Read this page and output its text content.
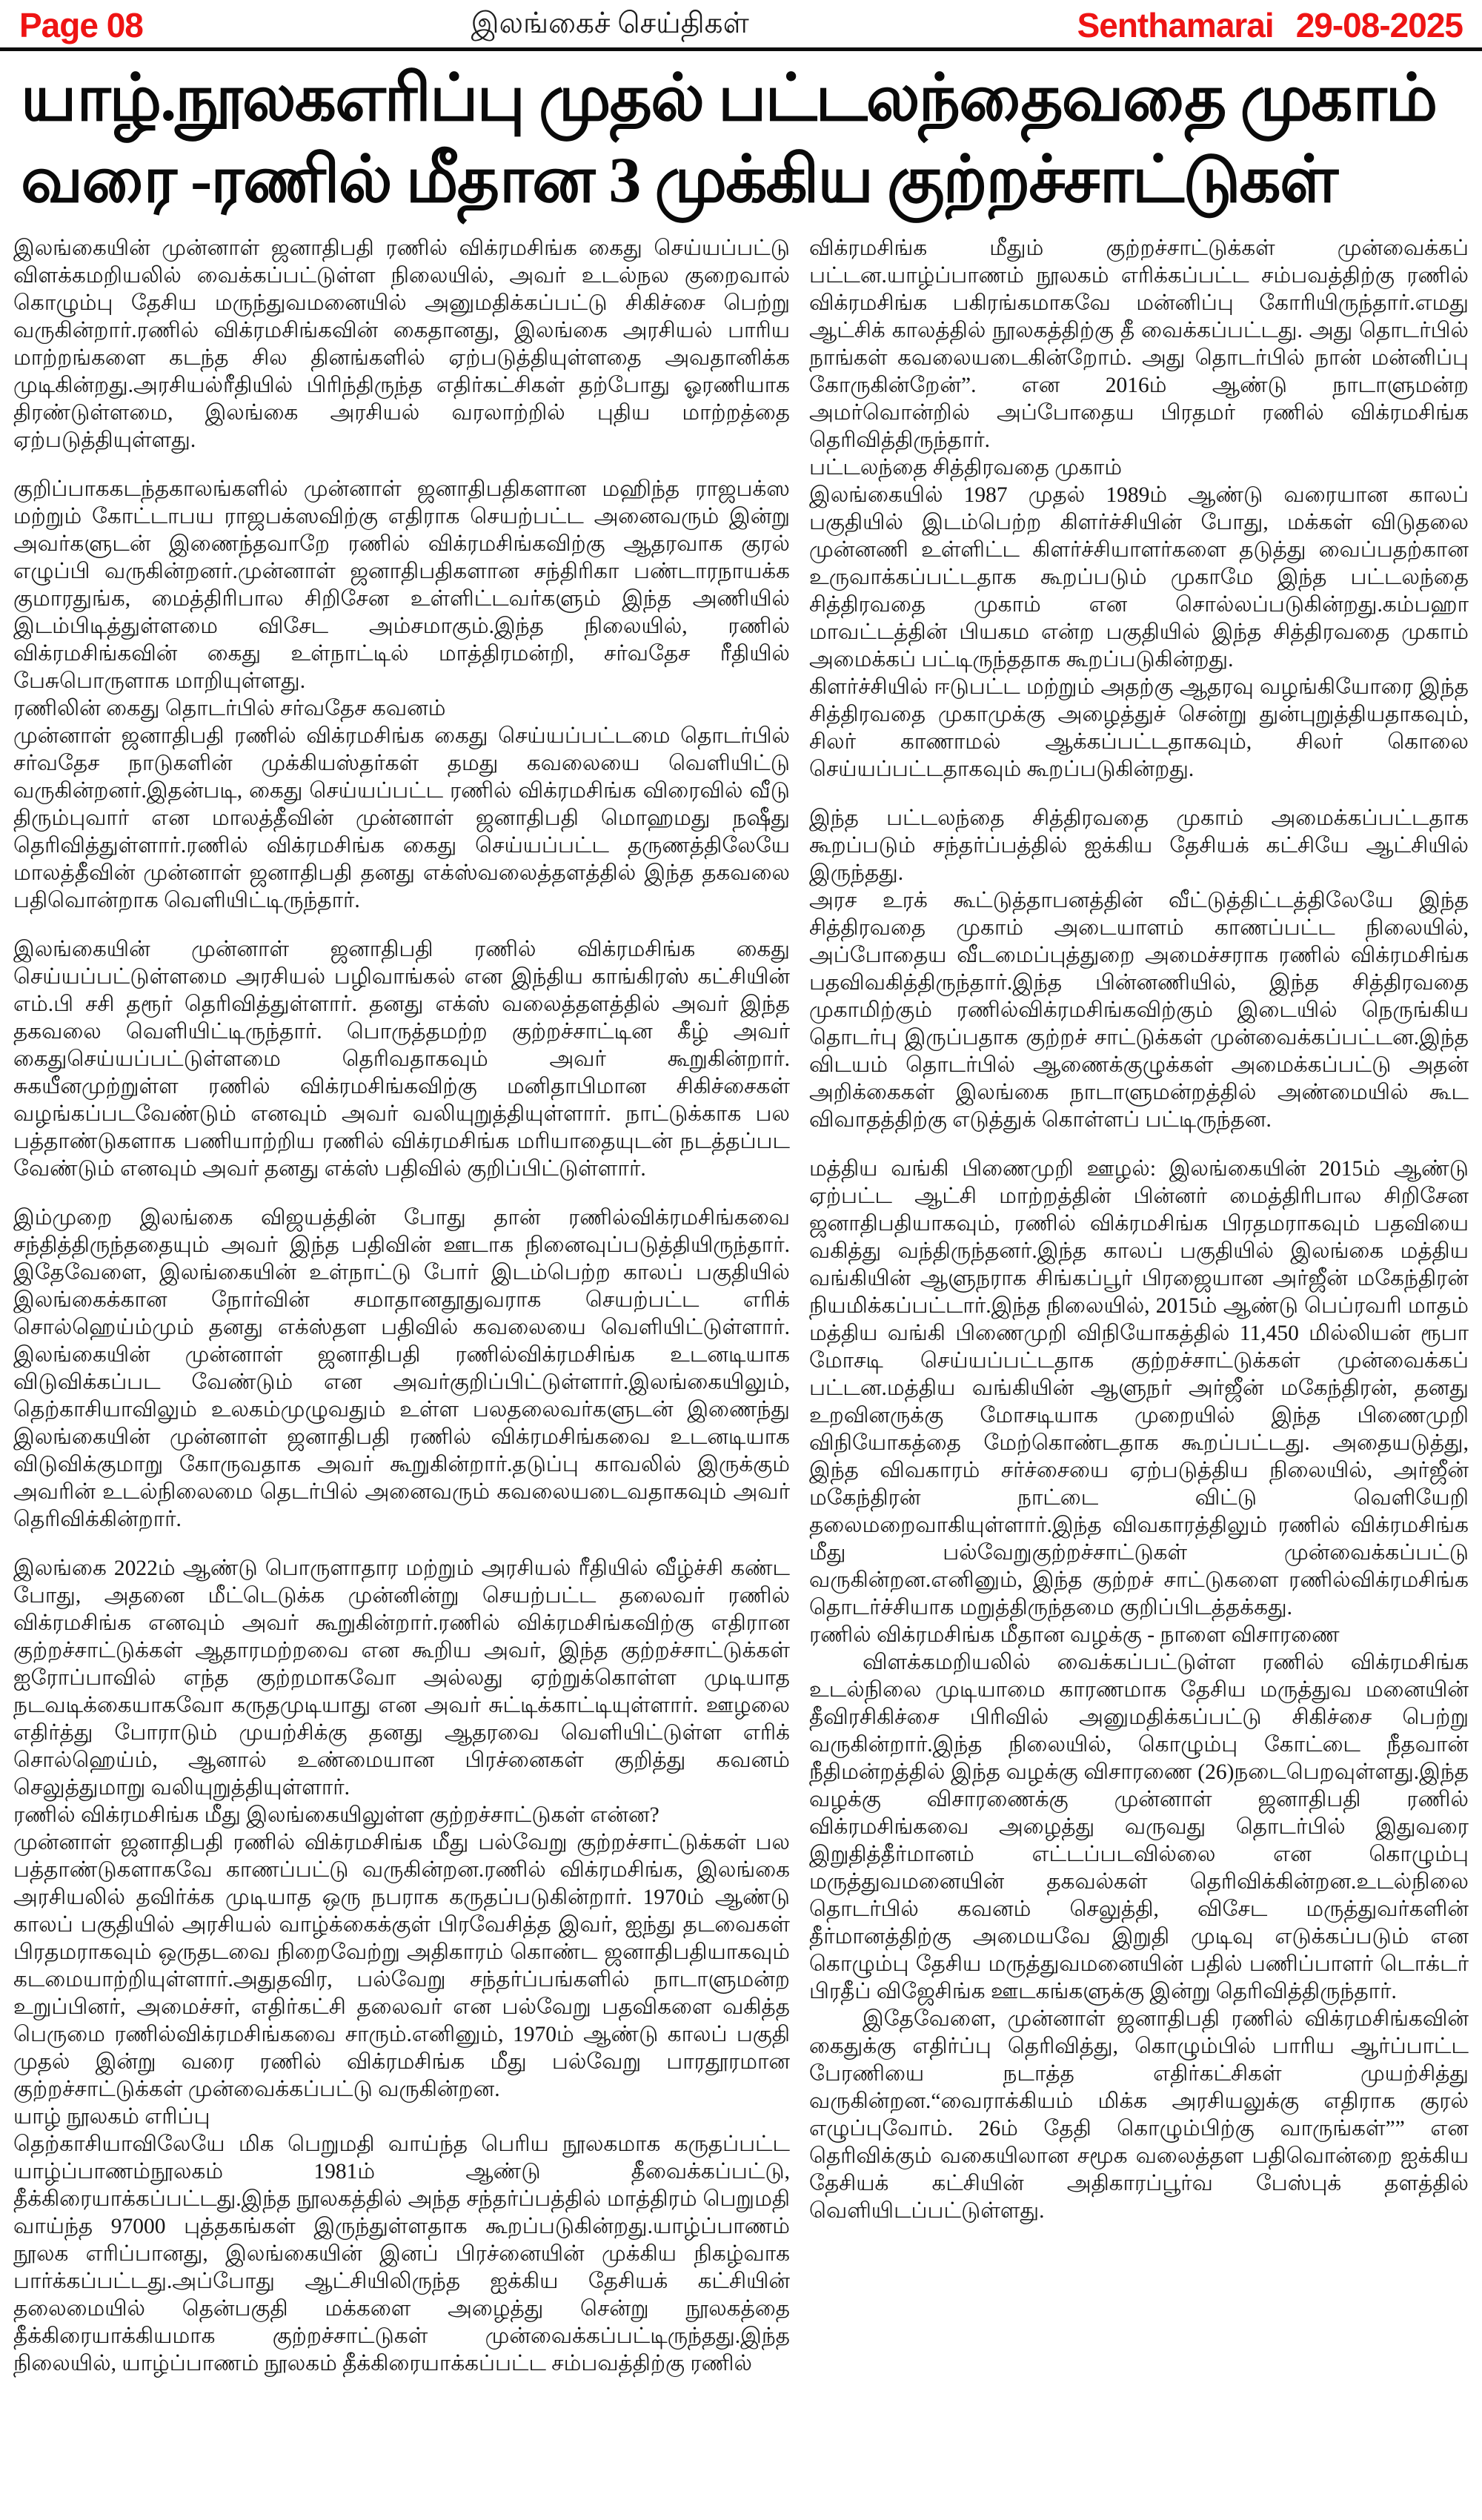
Page 08	இலங்கைச் செய்திகள்	Senthamarai 29-08-2025
யாழ்.நூலகஎரிப்பு முதல் பட்டலந்தைவதை முகாம்
வரை -ரணில் மீதான 3 முக்கிய குற்றச்சாட்டுகள்

இலங்கையின் முன்னாள் ஜனாதிபதி ரணில் விக்ரமசிங்க கைது செய்யப்பட்டு விளக்கமறியலில் வைக்கப்பட்டுள்ள நிலையில், அவர் உடல்நல குறைவால் கொழும்பு தேசிய மருந்துவமனையில் அனுமதிக்கப்பட்டு சிகிச்சை பெற்று வருகின்றார்.ரணில் விக்ரமசிங்கவின் கைதானது, இலங்கை அரசியல் பாரிய மாற்றங்களை கடந்த சில தினங்களில் ஏற்படுத்தியுள்ளதை அவதானிக்க முடிகின்றது.அரசியல்ரீதியில் பிரிந்திருந்த எதிர்கட்சிகள் தற்போது ஓரணியாக திரண்டுள்ளமை, இலங்கை அரசியல் வரலாற்றில் புதிய மாற்றத்தை ஏற்படுத்தியுள்ளது.

குறிப்பாககடந்தகாலங்களில் முன்னாள் ஜனாதிபதிகளான மஹிந்த ராஜபக்ஸ மற்றும் கோட்டாபய ராஜபக்ஸவிற்கு எதிராக செயற்பட்ட அனைவரும் இன்று அவர்களுடன் இணைந்தவாறே ரணில் விக்ரமசிங்கவிற்கு ஆதரவாக குரல் எழுப்பி வருகின்றனர்.முன்னாள் ஜனாதிபதிகளான சந்திரிகா பண்டாரநாயக்க குமாரதுங்க, மைத்திரிபால சிறிசேன உள்ளிட்டவர்களும் இந்த அணியில் இடம்பிடித்துள்ளமை விசேட அம்சமாகும்.இந்த நிலையில், ரணில் விக்ரமசிங்கவின் கைது உள்நாட்டில் மாத்திரமன்றி, சர்வதேச ரீதியில் பேசுபொருளாக மாறியுள்ளது.

ரணிலின் கைது தொடர்பில் சர்வதேச கவனம்

முன்னாள் ஜனாதிபதி ரணில் விக்ரமசிங்க கைது செய்யப்பட்டமை தொடர்பில் சர்வதேச நாடுகளின் முக்கியஸ்தர்கள் தமது கவலையை வெளியிட்டு வருகின்றனர்.இதன்படி, கைது செய்யப்பட்ட ரணில் விக்ரமசிங்க விரைவில் வீடு திரும்புவார் என மாலத்தீவின் முன்னாள் ஜனாதிபதி மொஹமது நஷீது தெரிவித்துள்ளார்.ரணில் விக்ரமசிங்க கைது செய்யப்பட்ட தருணத்திலேயே மாலத்தீவின் முன்னாள் ஜனாதிபதி தனது எக்ஸ்வலைத்தளத்தில் இந்த தகவலை பதிவொன்றாக வெளியிட்டிருந்தார்.

இலங்கையின் முன்னாள் ஜனாதிபதி ரணில் விக்ரமசிங்க கைது செய்யப்பட்டுள்ளமை அரசியல் பழிவாங்கல் என இந்திய காங்கிரஸ் கட்சியின் எம்.பி சசி தரூர் தெரிவித்துள்ளார். தனது எக்ஸ் வலைத்தளத்தில் அவர் இந்த தகவலை வெளியிட்டிருந்தார். பொருத்தமற்ற குற்றச்சாட்டின கீழ் அவர் கைதுசெய்யப்பட்டுள்ளமை தெரிவதாகவும் அவர் கூறுகின்றார். சுகயீனமுற்றுள்ள ரணில் விக்ரமசிங்கவிற்கு மனிதாபிமான சிகிச்சைகள் வழங்கப்படவேண்டும் எனவும் அவர் வலியுறுத்தியுள்ளார். நாட்டுக்காக பல பத்தாண்டுகளாக பணியாற்றிய ரணில் விக்ரமசிங்க மரியாதையுடன் நடத்தப்பட வேண்டும் எனவும் அவர் தனது எக்ஸ் பதிவில் குறிப்பிட்டுள்ளார்.

இம்முறை இலங்கை விஜயத்தின் போது தான் ரணில்விக்ரமசிங்கவை சந்தித்திருந்ததையும் அவர் இந்த பதிவின் ஊடாக நினைவுப்படுத்தியிருந்தார். இதேவேளை, இலங்கையின் உள்நாட்டு போர் இடம்பெற்ற காலப் பகுதியில் இலங்கைக்கான நோர்வின் சமாதானதூதுவராக செயற்பட்ட எரிக் சொல்ஹெய்ம்மும் தனது எக்ஸ்தள பதிவில் கவலையை வெளியிட்டுள்ளார். இலங்கையின் முன்னாள் ஜனாதிபதி ரணில்விக்ரமசிங்க உடனடியாக விடுவிக்கப்பட வேண்டும் என அவர்குறிப்பிட்டுள்ளார்.இலங்கையிலும், தெற்காசியாவிலும் உலகம்முழுவதும் உள்ள பலதலைவர்களுடன் இணைந்து இலங்கையின் முன்னாள் ஜனாதிபதி ரணில் விக்ரமசிங்கவை உடனடியாக விடுவிக்குமாறு கோருவதாக அவர் கூறுகின்றார்.தடுப்பு காவலில் இருக்கும் அவரின் உடல்நிலைமை தெடர்பில் அனைவரும் கவலையடைவதாகவும் அவர் தெரிவிக்கின்றார்.

இலங்கை 2022ம் ஆண்டு பொருளாதார மற்றும் அரசியல் ரீதியில் வீழ்ச்சி கண்ட போது, அதனை மீட்டெடுக்க முன்னின்று செயற்பட்ட தலைவர் ரணில் விக்ரமசிங்க எனவும் அவர் கூறுகின்றார்.ரணில் விக்ரமசிங்கவிற்கு எதிரான குற்றச்சாட்டுக்கள் ஆதாரமற்றவை என கூறிய அவர், இந்த குற்றச்சாட்டுக்கள் ஐரோப்பாவில் எந்த குற்றமாகவோ அல்லது ஏற்றுக்கொள்ள முடியாத நடவடிக்கையாகவோ கருதமுடியாது என அவர் சுட்டிக்காட்டியுள்ளார். ஊழலை எதிர்த்து போராடும் முயற்சிக்கு தனது ஆதரவை வெளியிட்டுள்ள எரிக் சொல்ஹெய்ம், ஆனால் உண்மையான பிரச்னைகள் குறித்து கவனம் செலுத்துமாறு வலியுறுத்தியுள்ளார்.

ரணில் விக்ரமசிங்க மீது இலங்கையிலுள்ள குற்றச்சாட்டுகள் என்ன?

முன்னாள் ஜனாதிபதி ரணில் விக்ரமசிங்க மீது பல்வேறு குற்றச்சாட்டுக்கள் பல பத்தாண்டுகளாகவே காணப்பட்டு வருகின்றன.ரணில் விக்ரமசிங்க, இலங்கை அரசியலில் தவிர்க்க முடியாத ஒரு நபராக கருதப்படுகின்றார். 1970ம் ஆண்டு காலப் பகுதியில் அரசியல் வாழ்க்கைக்குள் பிரவேசித்த இவர், ஐந்து தடவைகள் பிரதமராகவும் ஒருதடவை நிறைவேற்று அதிகாரம் கொண்ட ஜனாதிபதியாகவும் கடமையாற்றியுள்ளார்.அதுதவிர, பல்வேறு சந்தர்ப்பங்களில் நாடாளுமன்ற உறுப்பினர், அமைச்சர், எதிர்கட்சி தலைவர் என பல்வேறு பதவிகளை வகித்த பெருமை ரணில்விக்ரமசிங்கவை சாரும்.எனினும், 1970ம் ஆண்டு காலப் பகுதி முதல் இன்று வரை ரணில் விக்ரமசிங்க மீது பல்வேறு பாரதூரமான குற்றச்சாட்டுக்கள் முன்வைக்கப்பட்டு வருகின்றன.

யாழ் நூலகம் எரிப்பு

தெற்காசியாவிலேயே மிக பெறுமதி வாய்ந்த பெரிய நூலகமாக கருதப்பட்ட யாழ்ப்பாணம்நூலகம் 1981ம் ஆண்டு தீவைக்கப்பட்டு, தீக்கிரையாக்கப்பட்டது.இந்த நூலகத்தில் அந்த சந்தர்ப்பத்தில் மாத்திரம் பெறுமதி வாய்ந்த 97000 புத்தகங்கள் இருந்துள்ளதாக கூறப்படுகின்றது.யாழ்ப்பாணம் நூலக எரிப்பானது, இலங்கையின் இனப் பிரச்னையின் முக்கிய நிகழ்வாக பார்க்கப்பட்டது.அப்போது ஆட்சியிலிருந்த ஐக்கிய தேசியக் கட்சியின் தலைமையில் தென்பகுதி மக்களை அழைத்து சென்று நூலகத்தை தீக்கிரையாக்கியமாக குற்றச்சாட்டுகள் முன்வைக்கப்பட்டிருந்தது.இந்த நிலையில், யாழ்ப்பாணம் நூலகம் தீக்கிரையாக்கப்பட்ட சம்பவத்திற்கு ரணில்

விக்ரமசிங்க மீதும் குற்றச்சாட்டுக்கள் முன்வைக்கப் பட்டன.யாழ்ப்பாணம் நூலகம் எரிக்கப்பட்ட சம்பவத்திற்கு ரணில் விக்ரமசிங்க பகிரங்கமாகவே மன்னிப்பு கோரியிருந்தார்.எமது ஆட்சிக் காலத்தில் நூலகத்திற்கு தீ வைக்கப்பட்டது. அது தொடர்பில் நாங்கள் கவலையடைகின்றோம். அது தொடர்பில் நான் மன்னிப்பு கோருகின்றேன்”. என 2016ம் ஆண்டு நாடாளுமன்ற அமர்வொன்றில் அப்போதைய பிரதமர் ரணில் விக்ரமசிங்க தெரிவித்திருந்தார்.

பட்டலந்தை சித்திரவதை முகாம்

இலங்கையில் 1987 முதல் 1989ம் ஆண்டு வரையான காலப் பகுதியில் இடம்பெற்ற கிளர்ச்சியின் போது, மக்கள் விடுதலை முன்னணி உள்ளிட்ட கிளர்ச்சியாளர்களை தடுத்து வைப்பதற்கான உருவாக்கப்பட்டதாக கூறப்படும் முகாமே இந்த பட்டலந்தை சித்திரவதை முகாம் என சொல்லப்படுகின்றது.கம்பஹா மாவட்டத்தின் பியகம என்ற பகுதியில் இந்த சித்திரவதை முகாம் அமைக்கப் பட்டிருந்ததாக கூறப்படுகின்றது.

கிளர்ச்சியில் ஈடுபட்ட மற்றும் அதற்கு ஆதரவு வழங்கியோரை இந்த சித்திரவதை முகாமுக்கு அழைத்துச் சென்று துன்புறுத்தியதாகவும், சிலர் காணாமல் ஆக்கப்பட்டதாகவும், சிலர் கொலை செய்யப்பட்டதாகவும் கூறப்படுகின்றது.

இந்த பட்டலந்தை சித்திரவதை முகாம் அமைக்கப்பட்டதாக கூறப்படும் சந்தர்ப்பத்தில் ஐக்கிய தேசியக் கட்சியே ஆட்சியில் இருந்தது.

அரச உரக் கூட்டுத்தாபனத்தின் வீட்டுத்திட்டத்திலேயே இந்த சித்திரவதை முகாம் அடையாளம் காணப்பட்ட நிலையில், அப்போதைய வீடமைப்புத்துறை அமைச்சராக ரணில் விக்ரமசிங்க பதவிவகித்திருந்தார்.இந்த பின்னணியில், இந்த சித்திரவதை முகாமிற்கும் ரணில்விக்ரமசிங்கவிற்கும் இடையில் நெருங்கிய தொடர்பு இருப்பதாக குற்றச் சாட்டுக்கள் முன்வைக்கப்பட்டன.இந்த விடயம் தொடர்பில் ஆணைக்குழுக்கள் அமைக்கப்பட்டு அதன் அறிக்கைகள் இலங்கை நாடாளுமன்றத்தில் அண்மையில் கூட விவாதத்திற்கு எடுத்துக் கொள்ளப் பட்டிருந்தன.

மத்திய வங்கி பிணைமுறி ஊழல்: இலங்கையின் 2015ம் ஆண்டு ஏற்பட்ட ஆட்சி மாற்றத்தின் பின்னர் மைத்திரிபால சிறிசேன ஜனாதிபதியாகவும், ரணில் விக்ரமசிங்க பிரதமராகவும் பதவியை வகித்து வந்திருந்தனர்.இந்த காலப் பகுதியில் இலங்கை மத்திய வங்கியின் ஆளுநராக சிங்கப்பூர் பிரஜையான அர்ஜீன் மகேந்திரன் நியமிக்கப்பட்டார்.இந்த நிலையில், 2015ம் ஆண்டு பெப்ரவரி மாதம் மத்திய வங்கி பிணைமுறி விநியோகத்தில் 11,450 மில்லியன் ரூபா மோசடி செய்யப்பட்டதாக குற்றச்சாட்டுக்கள் முன்வைக்கப் பட்டன.மத்திய வங்கியின் ஆளுநர் அர்ஜீன் மகேந்திரன், தனது உறவினருக்கு மோசடியாக முறையில் இந்த பிணைமுறி விநியோகத்தை மேற்கொண்டதாக கூறப்பட்டது. அதையடுத்து, இந்த விவகாரம் சர்ச்சையை ஏற்படுத்திய நிலையில், அர்ஜீன் மகேந்திரன் நாட்டை விட்டு வெளியேறி தலைமறைவாகியுள்ளார்.இந்த விவகாரத்திலும் ரணில் விக்ரமசிங்க மீது பல்வேறுகுற்றச்சாட்டுகள் முன்வைக்கப்பட்டு வருகின்றன.எனினும், இந்த குற்றச் சாட்டுகளை ரணில்விக்ரமசிங்க தொடர்ச்சியாக மறுத்திருந்தமை குறிப்பிடத்தக்கது.

ரணில் விக்ரமசிங்க மீதான வழக்கு - நாளை விசாரணை

விளக்கமறியலில் வைக்கப்பட்டுள்ள ரணில் விக்ரமசிங்க உடல்நிலை முடியாமை காரணமாக தேசிய மருத்துவ மனையின் தீவிரசிகிச்சை பிரிவில் அனுமதிக்கப்பட்டு சிகிச்சை பெற்று வருகின்றார்.இந்த நிலையில், கொழும்பு கோட்டை நீதவான் நீதிமன்றத்தில் இந்த வழக்கு விசாரணை (26)நடைபெறவுள்ளது.இந்த வழக்கு விசாரணைக்கு முன்னாள் ஜனாதிபதி ரணில் விக்ரமசிங்கவை அழைத்து வருவது தொடர்பில் இதுவரை இறுதித்தீர்மானம் எட்டப்படவில்லை என கொழும்பு மருத்துவமனையின் தகவல்கள் தெரிவிக்கின்றன.உடல்நிலை தொடர்பில் கவனம் செலுத்தி, விசேட மருத்துவர்களின் தீர்மானத்திற்கு அமையவே இறுதி முடிவு எடுக்கப்படும் என கொழும்பு தேசிய மருத்துவமனையின் பதில் பணிப்பாளர் டொக்டர் பிரதீப் விஜேசிங்க ஊடகங்களுக்கு இன்று தெரிவித்திருந்தார்.

இதேவேளை, முன்னாள் ஜனாதிபதி ரணில் விக்ரமசிங்கவின் கைதுக்கு எதிர்ப்பு தெரிவித்து, கொழும்பில் பாரிய ஆர்ப்பாட்ட பேரணியை நடாத்த எதிர்கட்சிகள் முயற்சித்து வருகின்றன.“வைராக்கியம் மிக்க அரசியலுக்கு எதிராக குரல் எழுப்புவோம். 26ம் தேதி கொழும்பிற்கு வாருங்கள்”” என தெரிவிக்கும் வகையிலான சமூக வலைத்தள பதிவொன்றை ஐக்கிய தேசியக் கட்சியின் அதிகாரப்பூர்வ பேஸ்புக் தளத்தில் வெளியிடப்பட்டுள்ளது.
